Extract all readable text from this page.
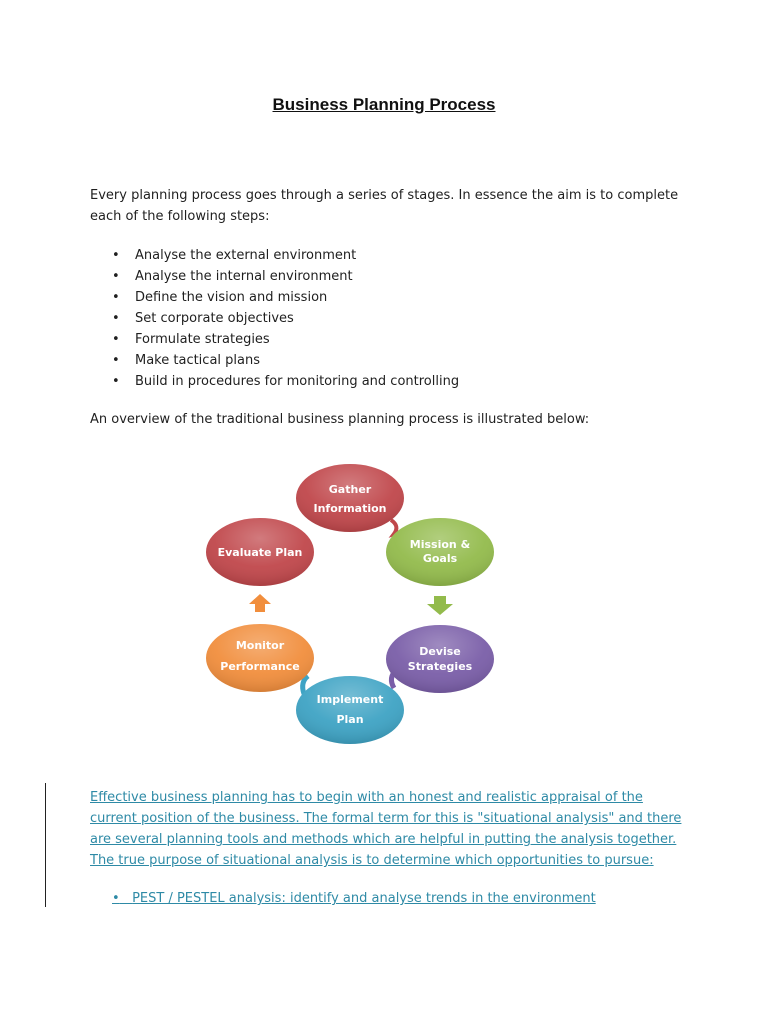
Business Planning Process

Every planning process goes through a series of stages. In essence the aim is to complete each of the following steps:

• Analyse the external environment
• Analyse the internal environment
• Define the vision and mission
• Set corporate objectives
• Formulate strategies
• Make tactical plans
• Build in procedures for monitoring and controlling

An overview of the traditional business planning process is illustrated below:

Gather
Information
Mission &
Goals
Devise
Strategies
Implement
Plan
Monitor
Performance
Evaluate Plan

Effective business planning has to begin with an honest and realistic appraisal of the current position of the business. The formal term for this is "situational analysis" and there are several planning tools and methods which are helpful in putting the analysis together. The true purpose of situational analysis is to determine which opportunities to pursue:

• PEST / PESTEL analysis: identify and analyse trends in the environment
